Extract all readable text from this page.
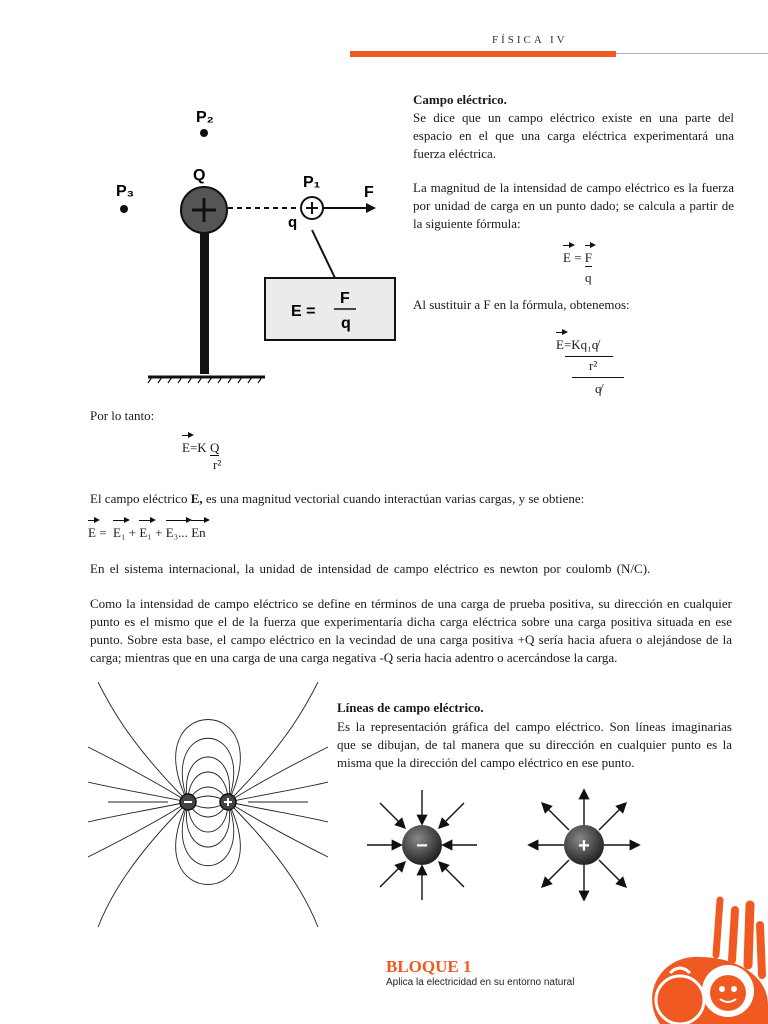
FÍSICA IV
P₃
P₂
Q	P₁
q
F
E =
F
q
Campo eléctrico.
Se dice que un campo eléctrico existe en una parte del espacio en el que una carga eléctrica experimentará una fuerza eléctrica.
La magnitud de la intensidad de campo eléctrico es la fuerza por unidad de carga en un punto dado; se calcula a partir de la siguiente fórmula:
E = F
q
Al sustituir a F en la fórmula, obtenemos:
E=Kq₁q̸
r²
q̸
Por lo tanto:
E=K Q
r²
El campo eléctrico E, es una magnitud vectorial cuando interactúan varias cargas, y se obtiene:
E = E₁ + E₁ + E₃... En
En el sistema internacional, la unidad de intensidad de campo eléctrico es newton por coulomb (N/C).
Como la intensidad de campo eléctrico se define en términos de una carga de prueba positiva, su dirección en cualquier punto es el mismo que el de la fuerza que experimentaría dicha carga eléctrica sobre una carga positiva situada en ese punto. Sobre esta base, el campo eléctrico en la vecindad de una carga positiva +Q sería hacia afuera o alejándose de la carga; mientras que en una carga de una carga negativa -Q seria hacia adentro o acercándose la carga.
Líneas de campo eléctrico.
Es la representación gráfica del campo eléctrico. Son líneas imaginarias que se dibujan, de tal manera que su dirección en cualquier punto es la misma que la dirección del campo eléctrico en ese punto.
−	+
BLOQUE 1
Aplica la electricidad en su entorno natural
